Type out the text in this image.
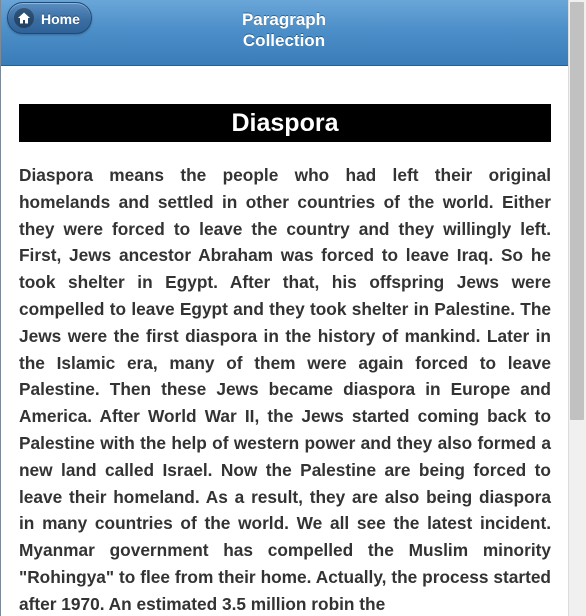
Home	Paragraph
Collection
Diaspora

Diaspora means the people who had left their original homelands and settled in other countries of the world. Either they were forced to leave the country and they willingly left. First, Jews ancestor Abraham was forced to leave Iraq. So he took shelter in Egypt. After that, his offspring Jews were compelled to leave Egypt and they took shelter in Palestine. The Jews were the first diaspora in the history of mankind. Later in the Islamic era, many of them were again forced to leave Palestine. Then these Jews became diaspora in Europe and America. After World War II, the Jews started coming back to Palestine with the help of western power and they also formed a new land called Israel. Now the Palestine are being forced to leave their homeland. As a result, they are also being diaspora in many countries of the world. We all see the latest incident. Myanmar government has compelled the Muslim minority "Rohingya" to flee from their home. Actually, the process started after 1970. An estimated 3.5 million robin the
